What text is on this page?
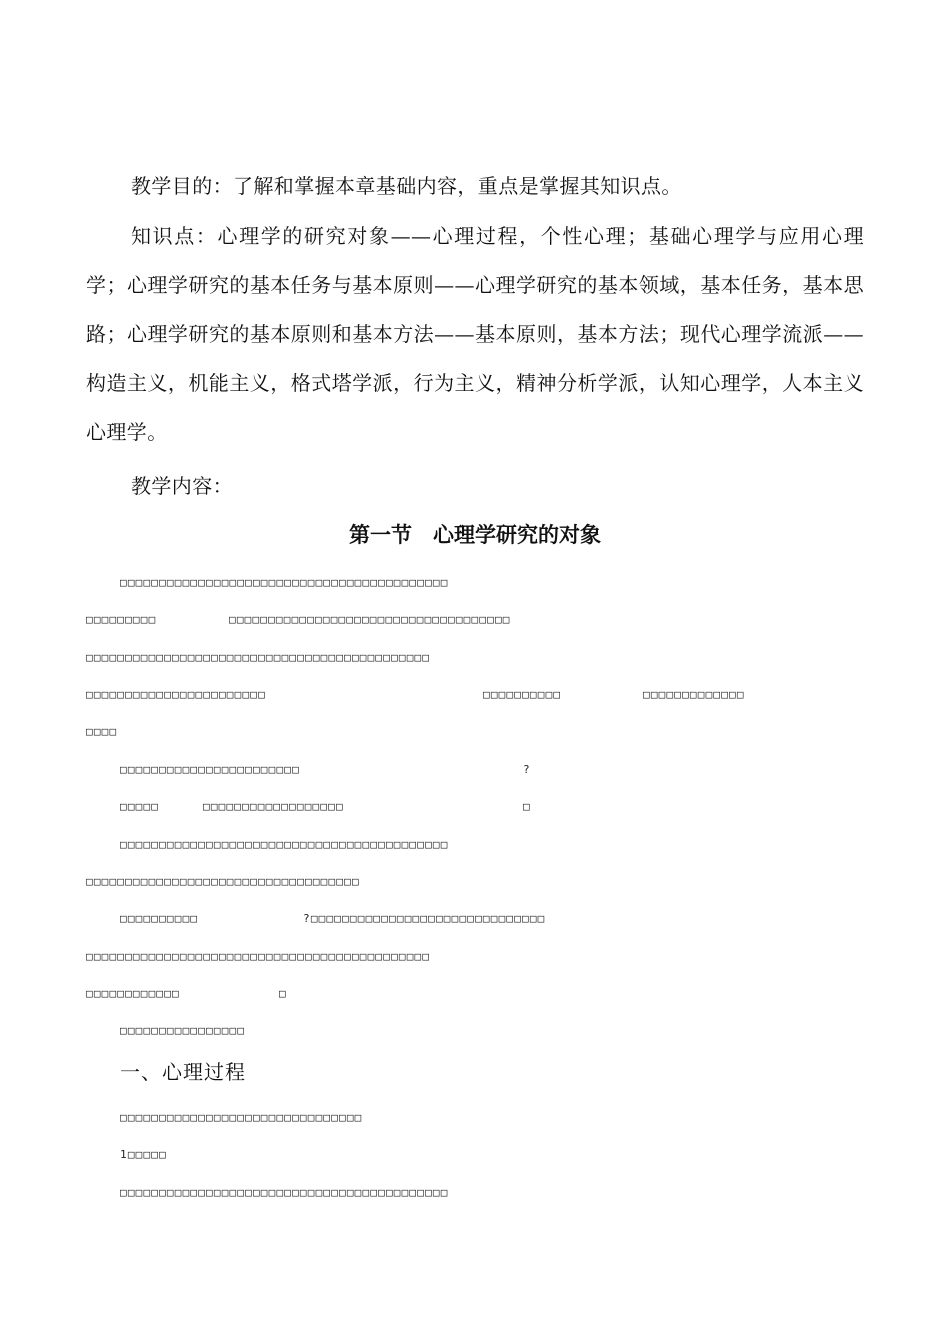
教学目的：了解和掌握本章基础内容，重点是掌握其知识点。

知识点：心理学的研究对象——心理过程，个性心理；基础心理学与应用心理学；心理学研究的基本任务与基本原则——心理学研究的基本领域，基本任务，基本思路；心理学研究的基本原则和基本方法——基本原则，基本方法；现代心理学流派——构造主义，机能主义，格式塔学派，行为主义，精神分析学派，认知心理学，人本主义心理学。

教学内容：

第一节　心理学研究的对象

□□□□□□□□□□□□□□□□□□□□□□□□□□□□□□□□□□□□□□□□□□

□□□□□□□□□	□□□□□□□□□□□□□□□□□□□□□□□□□□□□□□□□□□□□

□□□□□□□□□□□□□□□□□□□□□□□□□□□□□□□□□□□□□□□□□□□□

□□□□□□□□□□□□□□□□□□□□□□□	□□□□□□□□□□	□□□□□□□□□□□□□

□□□□

□□□□□□□□□□□□□□□□□□□□□□□	?

□□□□□	□□□□□□□□□□□□□□□□□□	□

□□□□□□□□□□□□□□□□□□□□□□□□□□□□□□□□□□□□□□□□□□

□□□□□□□□□□□□□□□□□□□□□□□□□□□□□□□□□□□

□□□□□□□□□□	?□□□□□□□□□□□□□□□□□□□□□□□□□□□□□□

□□□□□□□□□□□□□□□□□□□□□□□□□□□□□□□□□□□□□□□□□□□□

□□□□□□□□□□□□	□

□□□□□□□□□□□□□□□□

一、心理过程

□□□□□□□□□□□□□□□□□□□□□□□□□□□□□□□

1□□□□□

□□□□□□□□□□□□□□□□□□□□□□□□□□□□□□□□□□□□□□□□□□
